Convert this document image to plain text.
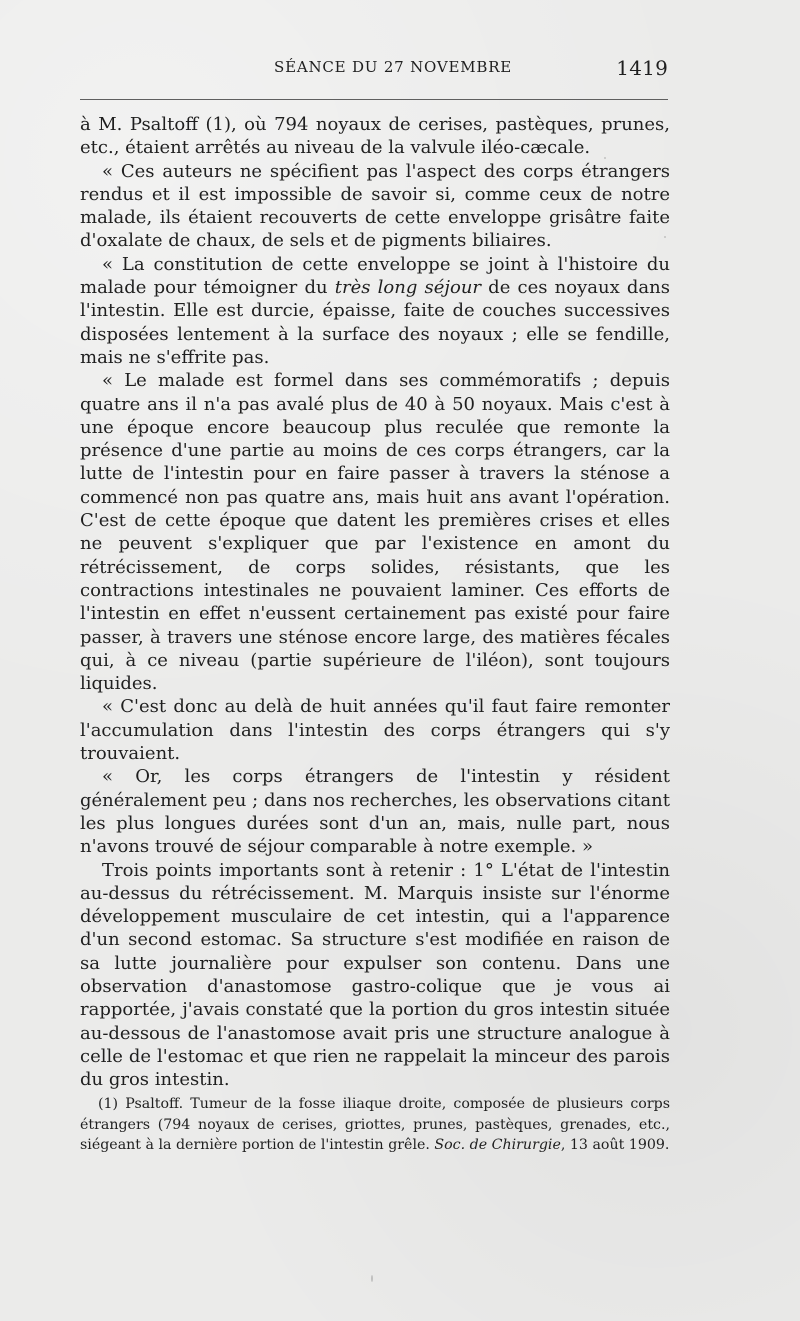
SÉANCE DU 27 NOVEMBRE	1419

à M. Psaltoff (1), où 794 noyaux de cerises, pastèques, prunes, etc., étaient arrêtés au niveau de la valvule iléo-cæcale.

« Ces auteurs ne spécifient pas l'aspect des corps étrangers rendus et il est impossible de savoir si, comme ceux de notre malade, ils étaient recouverts de cette enveloppe grisâtre faite d'oxalate de chaux, de sels et de pigments biliaires.

« La constitution de cette enveloppe se joint à l'histoire du malade pour témoigner du très long séjour de ces noyaux dans l'intestin. Elle est durcie, épaisse, faite de couches successives disposées lentement à la surface des noyaux ; elle se fendille, mais ne s'effrite pas.

« Le malade est formel dans ses commémoratifs ; depuis quatre ans il n'a pas avalé plus de 40 à 50 noyaux. Mais c'est à une époque encore beaucoup plus reculée que remonte la présence d'une partie au moins de ces corps étrangers, car la lutte de l'intestin pour en faire passer à travers la sténose a commencé non pas quatre ans, mais huit ans avant l'opération. C'est de cette époque que datent les premières crises et elles ne peuvent s'expliquer que par l'existence en amont du rétrécissement, de corps solides, résistants, que les contractions intestinales ne pouvaient laminer. Ces efforts de l'intestin en effet n'eussent certainement pas existé pour faire passer, à travers une sténose encore large, des matières fécales qui, à ce niveau (partie supérieure de l'iléon), sont toujours liquides.

« C'est donc au delà de huit années qu'il faut faire remonter l'accumulation dans l'intestin des corps étrangers qui s'y trouvaient.

« Or, les corps étrangers de l'intestin y résident généralement peu ; dans nos recherches, les observations citant les plus longues durées sont d'un an, mais, nulle part, nous n'avons trouvé de séjour comparable à notre exemple. »

Trois points importants sont à retenir : 1° L'état de l'intestin au-dessus du rétrécissement. M. Marquis insiste sur l'énorme développement musculaire de cet intestin, qui a l'apparence d'un second estomac. Sa structure s'est modifiée en raison de sa lutte journalière pour expulser son contenu. Dans une observation d'anastomose gastro-colique que je vous ai rapportée, j'avais constaté que la portion du gros intestin située au-dessous de l'anastomose avait pris une structure analogue à celle de l'estomac et que rien ne rappelait la minceur des parois du gros intestin.

(1) Psaltoff. Tumeur de la fosse iliaque droite, composée de plusieurs corps étrangers (794 noyaux de cerises, griottes, prunes, pastèques, grenades, etc., siégeant à la dernière portion de l'intestin grêle. Soc. de Chirurgie, 13 août 1909.
